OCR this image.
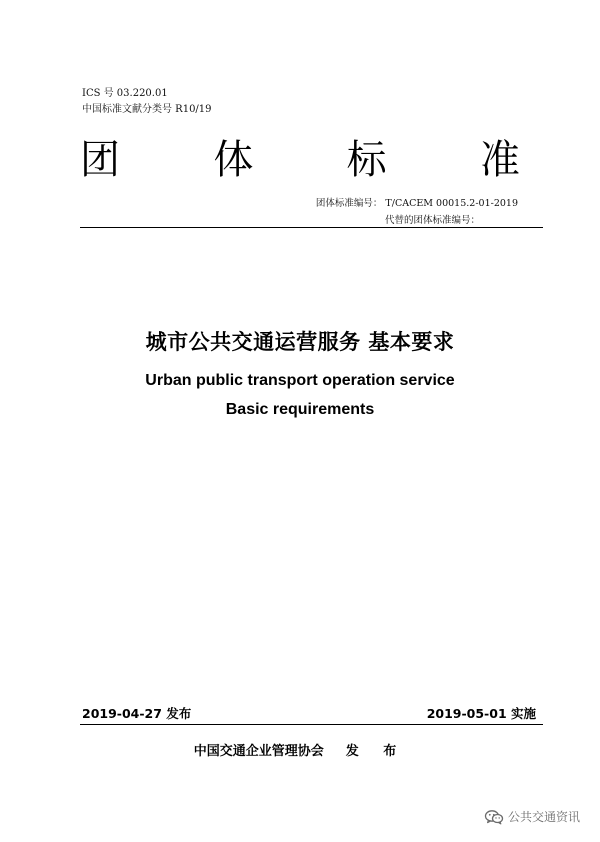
ICS 号 03.220.01
中国标准文献分类号 R10/19
团 体 标 准
团体标准编号： T/CACEM 00015.2-01-2019
代替的团体标准编号：
城市公共交通运营服务 基本要求
Urban public transport operation service
Basic requirements
2019-04-27 发布	2019-05-01 实施
中国交通企业管理协会 发 布
公共交通资讯
